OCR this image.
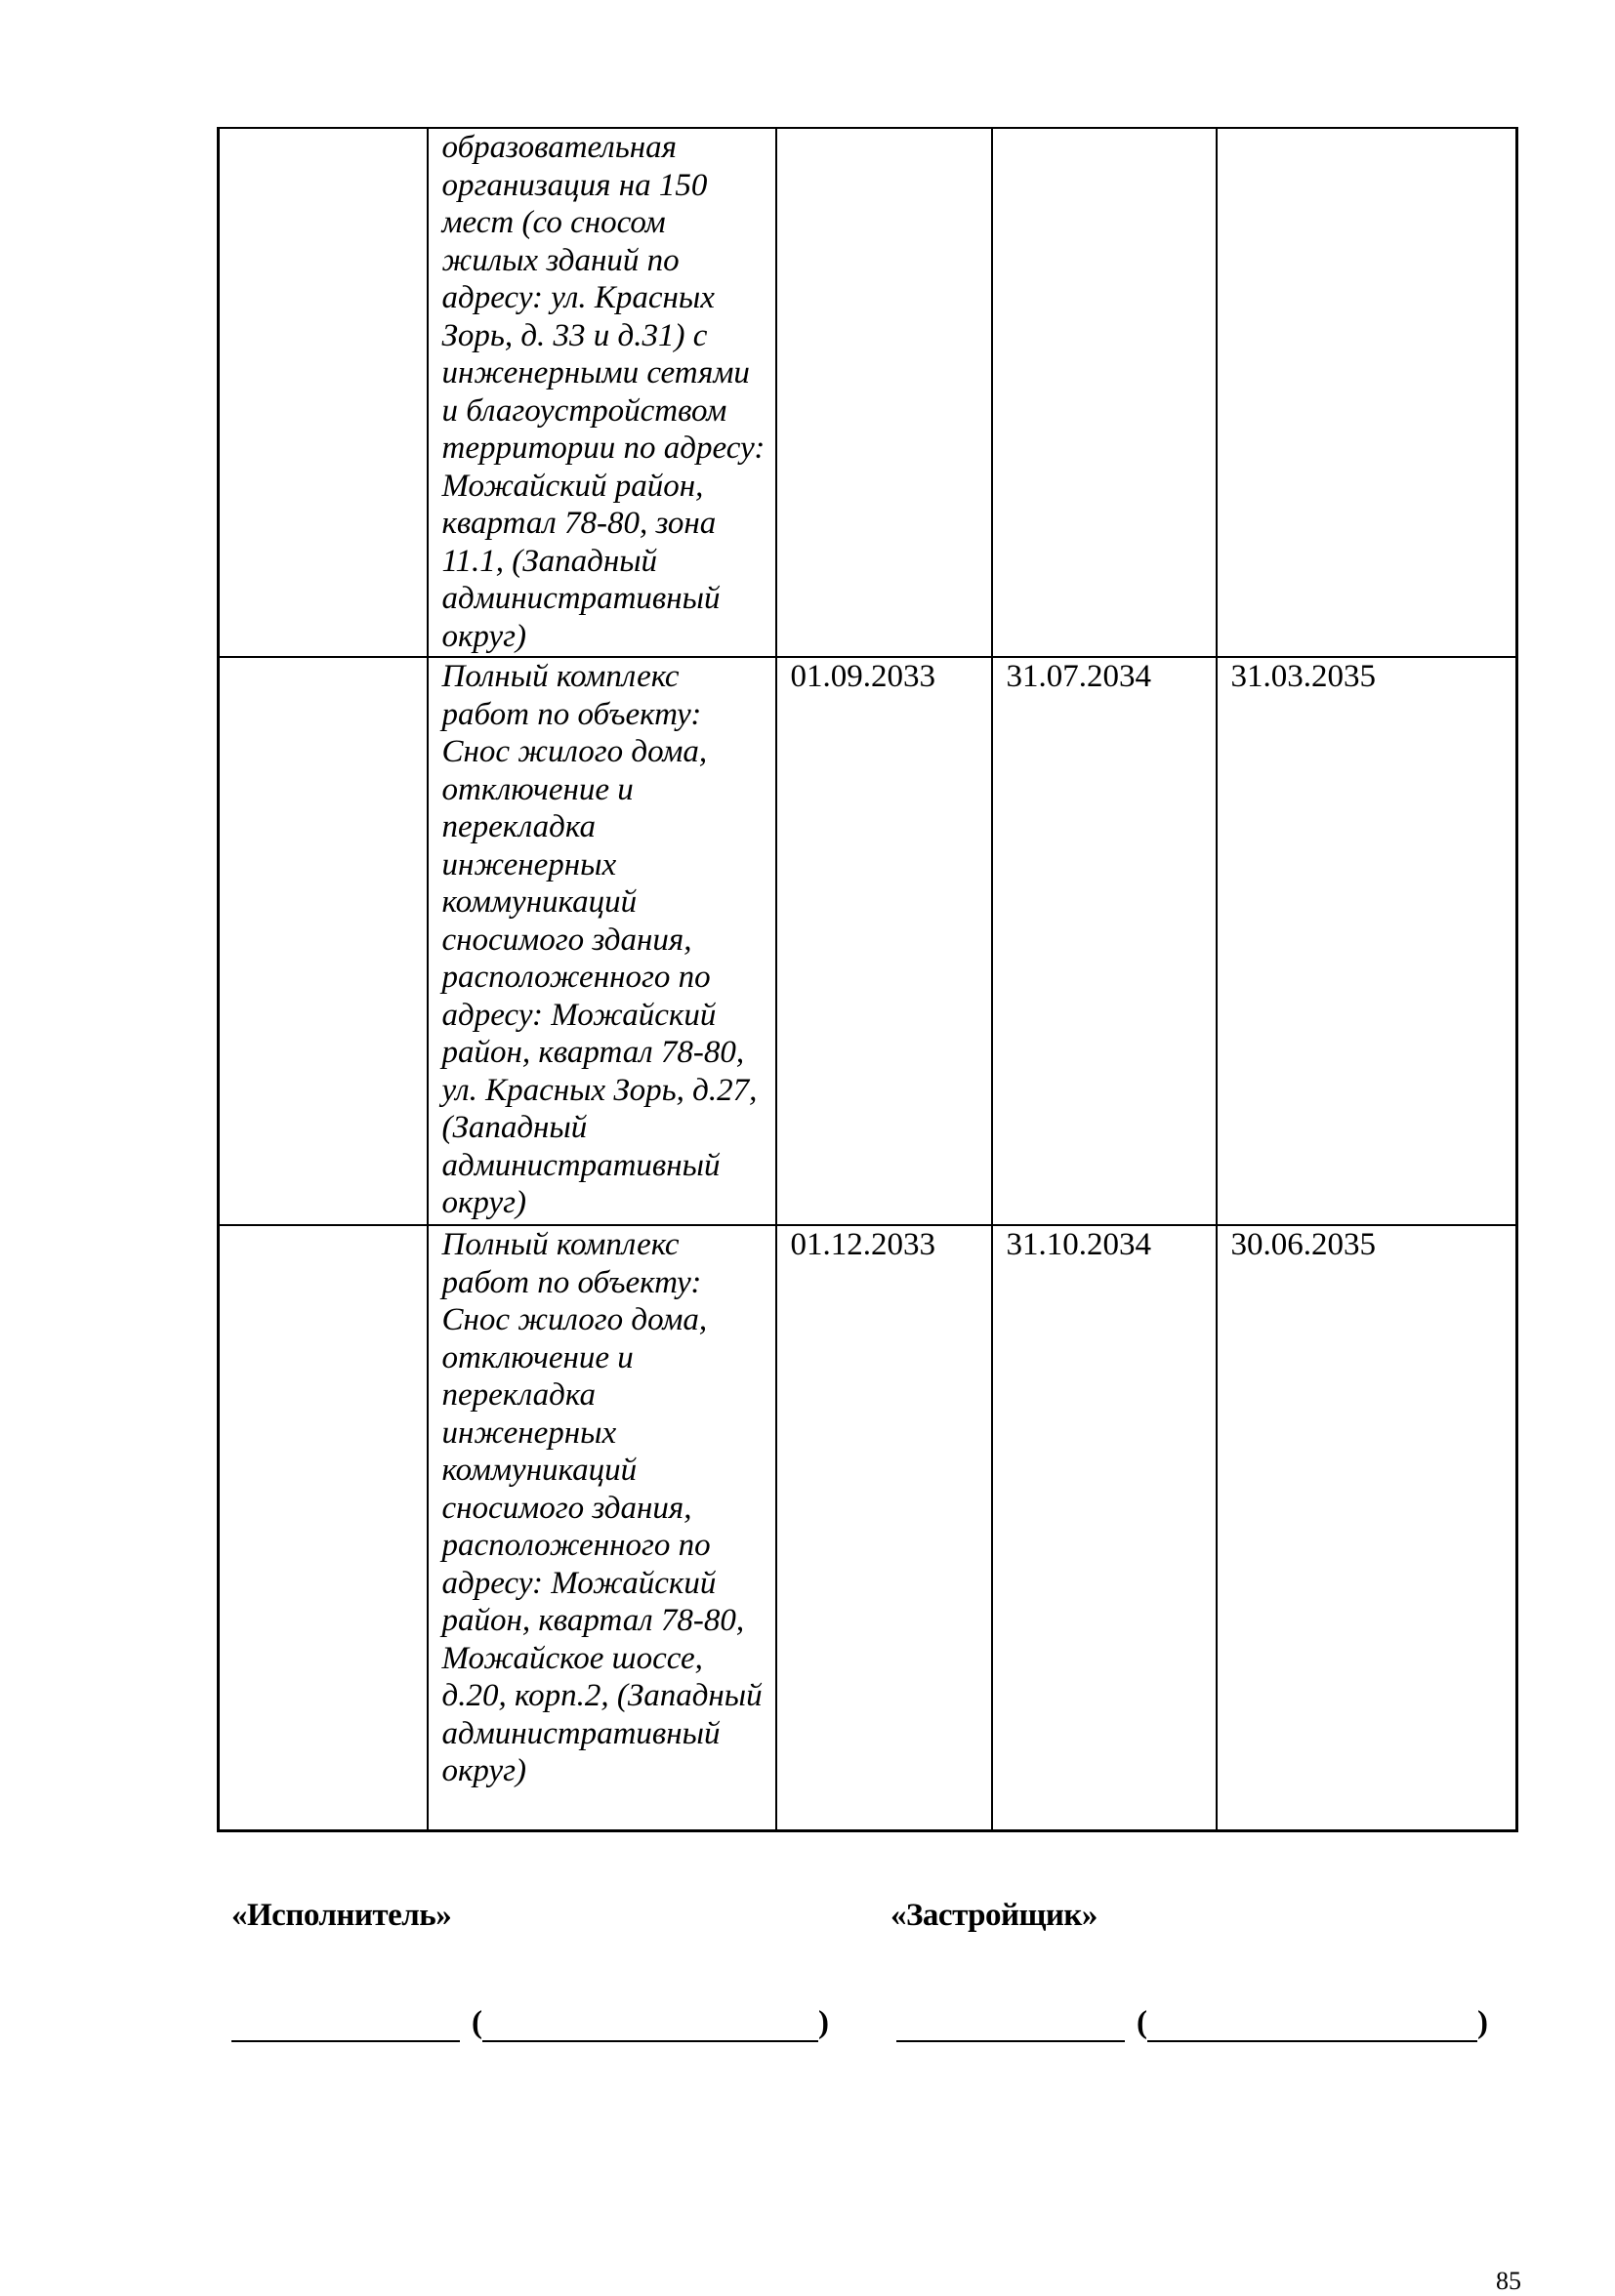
	образовательная организация на 150 мест (со сносом жилых зданий по адресу: ул. Красных Зорь, д. 33 и д.31) с инженерными сетями и благоустройством территории по адресу: Можайский район, квартал 78-80, зона 11.1, (Западный административный округ)			
	Полный комплекс работ по объекту: Снос жилого дома, отключение и перекладка инженерных коммуникаций сносимого здания, расположенного по адресу: Можайский район, квартал 78-80, ул. Красных Зорь, д.27, (Западный административный округ)	01.09.2033	31.07.2034	31.03.2035
	Полный комплекс работ по объекту: Снос жилого дома, отключение и перекладка инженерных коммуникаций сносимого здания, расположенного по адресу: Можайский район, квартал 78-80, Можайское шоссе, д.20, корп.2, (Западный административный округ)	01.12.2033	31.10.2034	30.06.2035
«Исполнитель»	«Застройщик»
(	)	(	)
85
